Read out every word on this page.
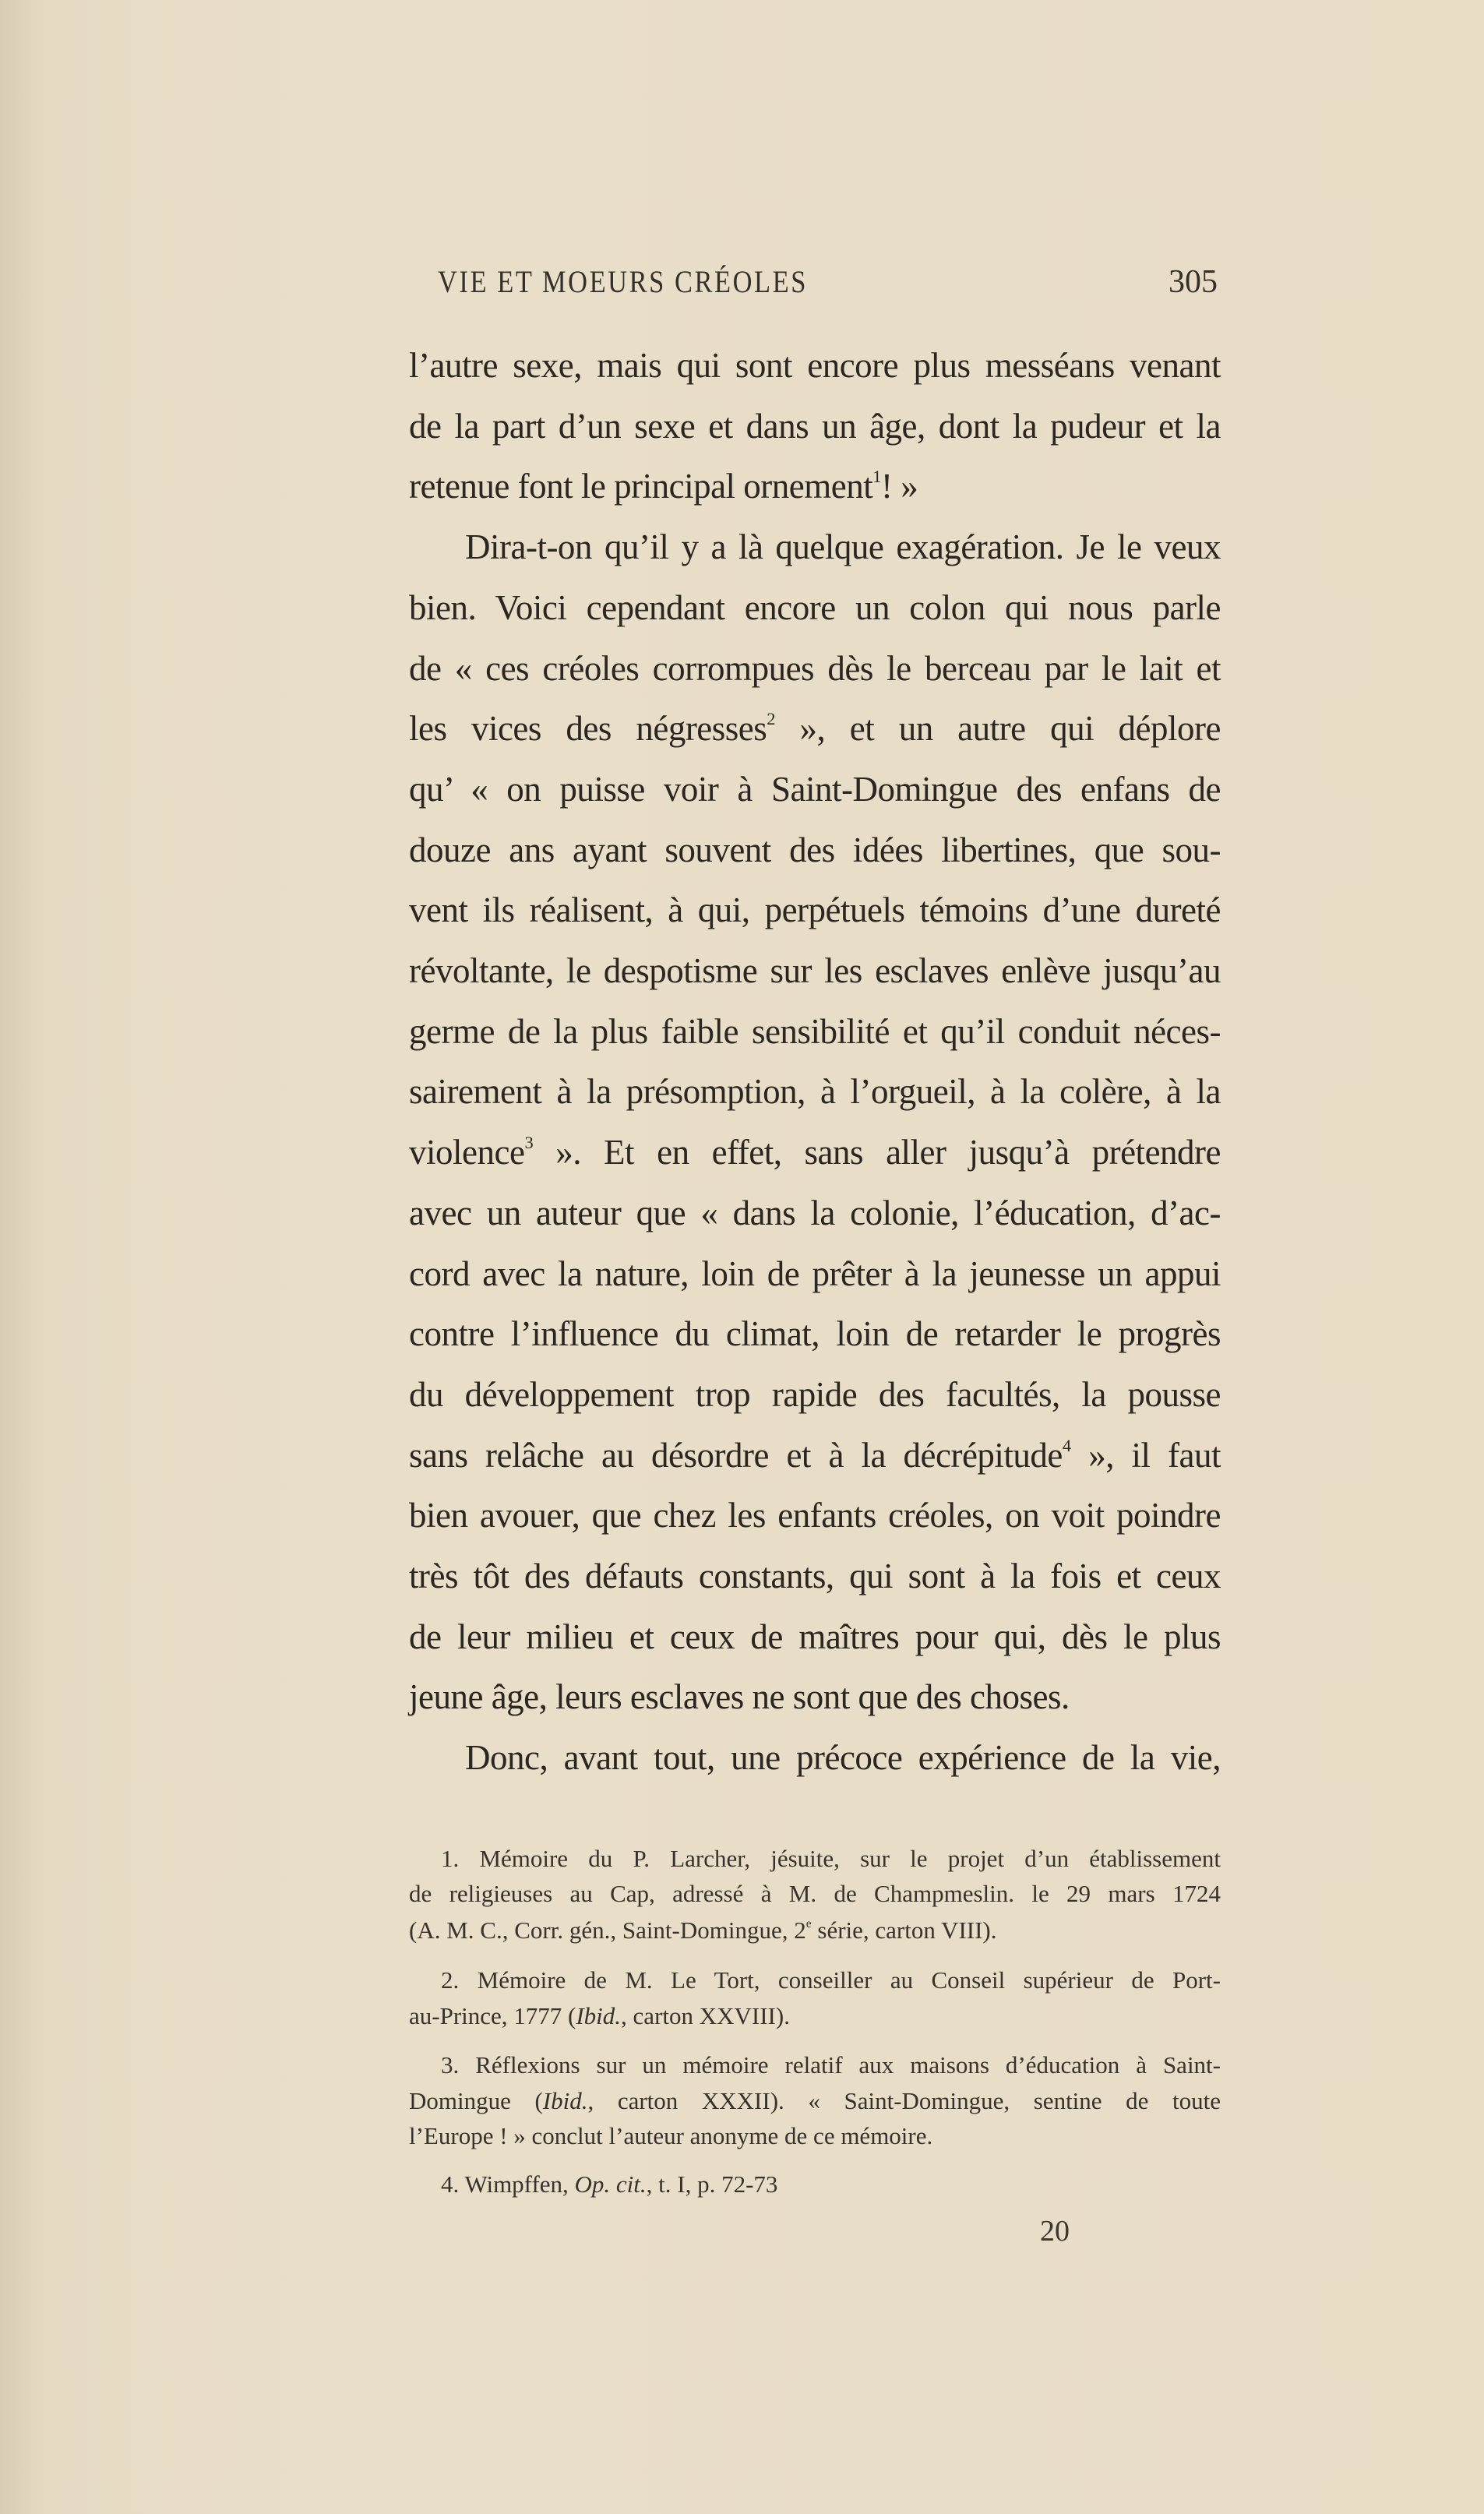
VIE ET MOEURS CRÉOLES	305
l’autre sexe, mais qui sont encore plus messéans venant
de la part d’un sexe et dans un âge, dont la pudeur et la
retenue font le principal ornement$^1$! »
Dira-t-on qu’il y a là quelque exagération. Je le veux
bien. Voici cependant encore un colon qui nous parle
de « ces créoles corrompues dès le berceau par le lait et
les vices des négresses$^2$ », et un autre qui déplore
qu’ « on puisse voir à Saint-Domingue des enfans de
douze ans ayant souvent des idées libertines, que sou-
vent ils réalisent, à qui, perpétuels témoins d’une dureté
révoltante, le despotisme sur les esclaves enlève jusqu’au
germe de la plus faible sensibilité et qu’il conduit néces-
sairement à la présomption, à l’orgueil, à la colère, à la
violence$^3$ ». Et en effet, sans aller jusqu’à prétendre
avec un auteur que « dans la colonie, l’éducation, d’ac-
cord avec la nature, loin de prêter à la jeunesse un appui
contre l’influence du climat, loin de retarder le progrès
du développement trop rapide des facultés, la pousse
sans relâche au désordre et à la décrépitude$^4$ », il faut
bien avouer, que chez les enfants créoles, on voit poindre
très tôt des défauts constants, qui sont à la fois et ceux
de leur milieu et ceux de maîtres pour qui, dès le plus
jeune âge, leurs esclaves ne sont que des choses.
Donc, avant tout, une précoce expérience de la vie,
1. Mémoire du P. Larcher, jésuite, sur le projet d’un établissement
de religieuses au Cap, adressé à M. de Champmeslin. le 29 mars 1724
(A. M. C., Corr. gén., Saint-Domingue, 2e série, carton VIII).
2. Mémoire de M. Le Tort, conseiller au Conseil supérieur de Port-
au-Prince, 1777 (Ibid., carton XXVIII).
3. Réflexions sur un mémoire relatif aux maisons d’éducation à Saint-
Domingue (Ibid., carton XXXII). « Saint-Domingue, sentine de toute
l’Europe ! » conclut l’auteur anonyme de ce mémoire.
4. Wimpffen, Op. cit., t. I, p. 72-73
20
